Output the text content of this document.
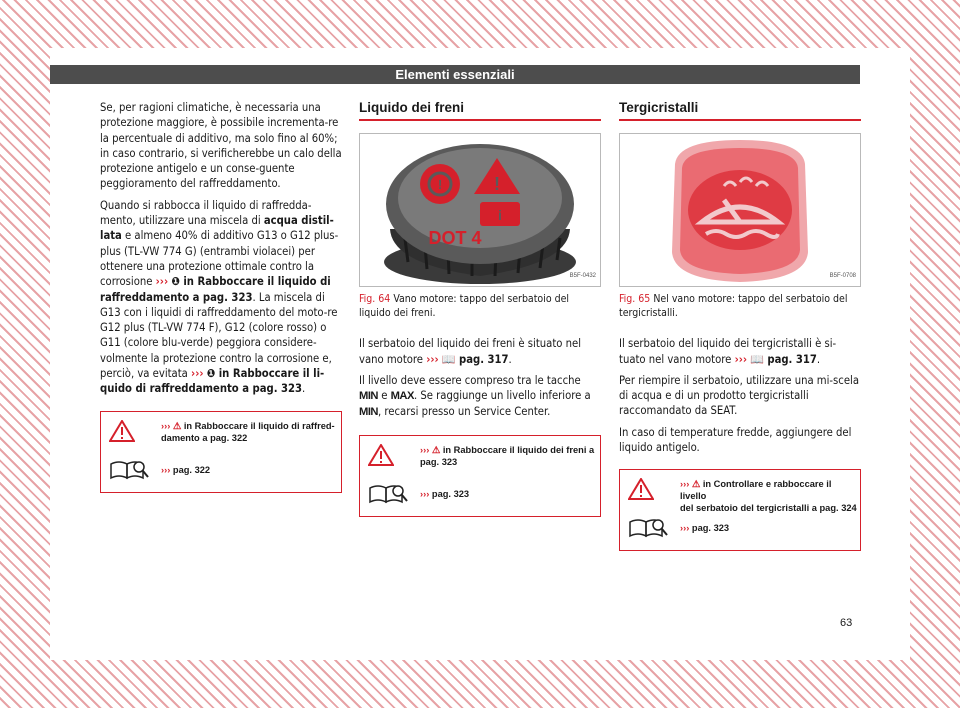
Elementi essenziali

Se, per ragioni climatiche, è necessaria una protezione maggiore, è possibile incrementa-re la percentuale di additivo, ma solo fino al 60%; in caso contrario, si verificherebbe un calo della protezione antigelo e un conse-guente peggioramento del raffreddamento.

Quando si rabbocca il liquido di raffredda-mento, utilizzare una miscela di acqua distil-lata e almeno 40% di additivo G13 o G12 plus-plus (TL-VW 774 G) (entrambi violacei) per ottenere una protezione ottimale contro la corrosione ››› ❶ in Rabboccare il liquido di raffreddamento a pag. 323. La miscela di G13 con i liquidi di raffreddamento del moto-re G12 plus (TL-VW 774 F), G12 (colore rosso) o G11 (colore blu-verde) peggiora considere-volmente la protezione contro la corrosione e, perciò, va evitata ››› ❶ in Rabboccare il li-quido di raffreddamento a pag. 323.

››› ⚠ in Rabboccare il liquido di raffred-
damento a pag. 322
››› pag. 322
Liquido dei freni
!	!
i
DOT 4
B5F-0432
Fig. 64 Vano motore: tappo del serbatoio del liquido dei freni.

Il serbatoio del liquido dei freni è situato nel vano motore ››› 📖 pag. 317.

Il livello deve essere compreso tra le tacche MIN e MAX. Se raggiunge un livello inferiore a MIN, recarsi presso un Service Center.

››› ⚠ in Rabboccare il liquido dei freni a
pag. 323
››› pag. 323
Tergicristalli
B5F-0708
Fig. 65 Nel vano motore: tappo del serbatoio del tergicristalli.

Il serbatoio del liquido dei tergicristalli è si-tuato nel vano motore ››› 📖 pag. 317.

Per riempire il serbatoio, utilizzare una mi-scela di acqua e di un prodotto tergicristalli raccomandato da SEAT.

In caso di temperature fredde, aggiungere del liquido antigelo.

››› ⚠ in Controllare e rabboccare il livello
del serbatoio del tergicristalli a pag. 324
››› pag. 323
63
